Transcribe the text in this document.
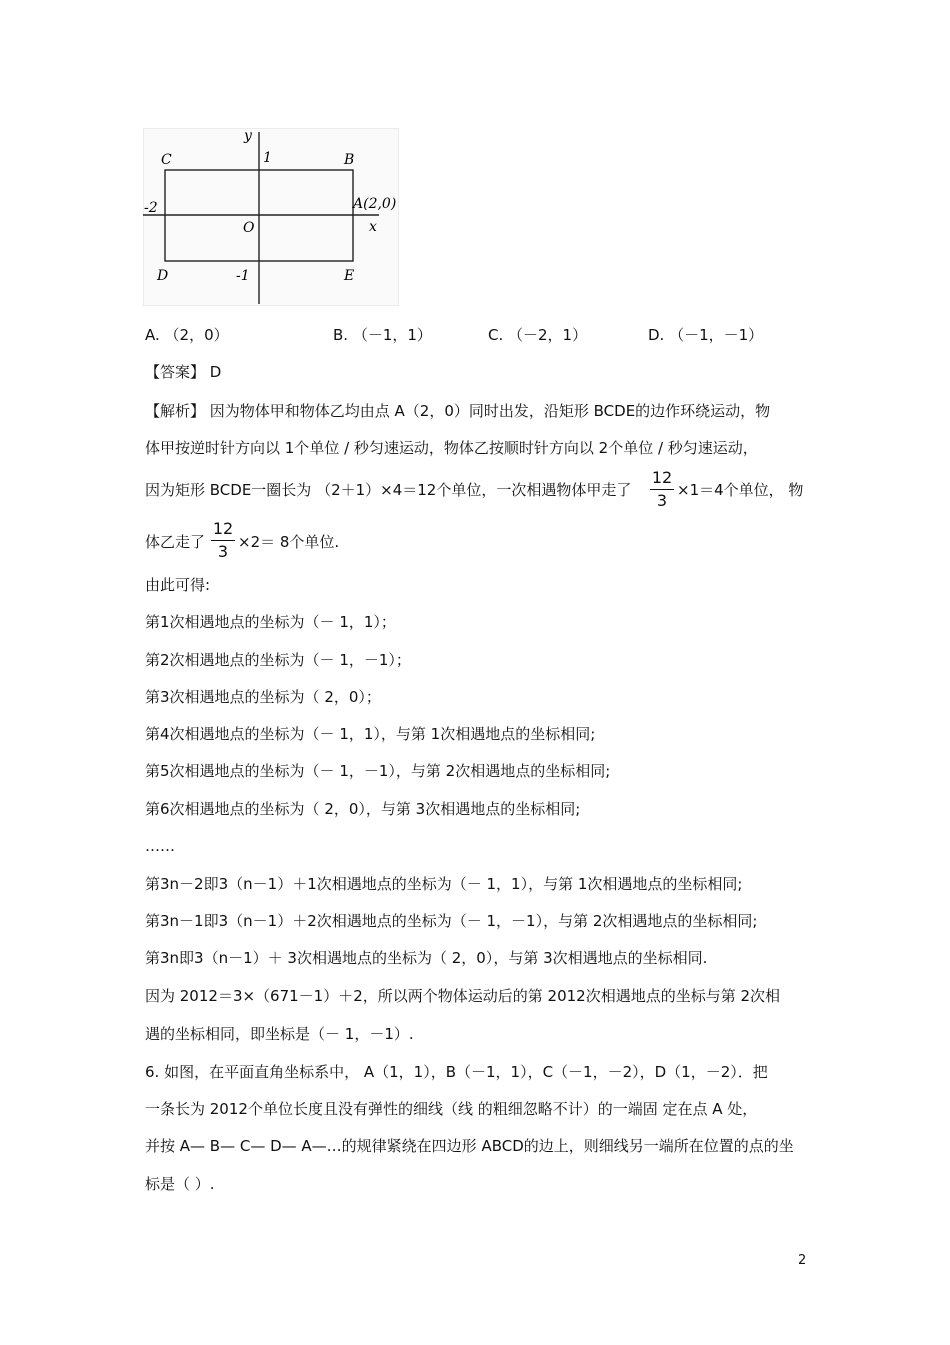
y
x
1
-1
-2
O
C	B
D	E
A(2,0)
A. （2，0）	B. （－1，1）	C. （－2，1）	D. （－1，－1）
【答案】 D
【解析】 因为物体甲和物体乙均由点 A（2，0）同时出发，沿矩形 BCDE的边作环绕运动，物
体甲按逆时针方向以 1个单位 / 秒匀速运动，物体乙按顺时针方向以 2个单位 / 秒匀速运动，
因为矩形 BCDE一圈长为 （2＋1）×4＝12个单位，一次相遇物体甲走了
12
3
×1＝4个单位， 物
体乙走了
12
3 ×2＝ 8个单位.
由此可得:
第1次相遇地点的坐标为（－ 1，1）；
第2次相遇地点的坐标为（－ 1，－1）；
第3次相遇地点的坐标为（ 2，0）；
第4次相遇地点的坐标为（－ 1，1），与第 1次相遇地点的坐标相同;
第5次相遇地点的坐标为（－ 1，－1），与第 2次相遇地点的坐标相同;
第6次相遇地点的坐标为（ 2，0），与第 3次相遇地点的坐标相同;
……
第3n－2即3（n－1）＋1次相遇地点的坐标为（－ 1，1），与第 1次相遇地点的坐标相同;
第3n－1即3（n－1）＋2次相遇地点的坐标为（－ 1，－1），与第 2次相遇地点的坐标相同;
第3n即3（n－1）＋ 3次相遇地点的坐标为（ 2，0），与第 3次相遇地点的坐标相同.
因为 2012＝3×（671－1）＋2，所以两个物体运动后的第 2012次相遇地点的坐标与第 2次相
遇的坐标相同，即坐标是（－ 1，－1）.
6. 如图，在平面直角坐标系中， A（1，1），B（－1，1），C（－1，－2），D（1，－2）．把
一条长为 2012个单位长度且没有弹性的细线（线 的粗细忽略不计）的一端固 定在点 A 处，
并按 A— B— C— D— A—…的规律紧绕在四边形 ABCD的边上，则细线另一端所在位置的点的坐
标是（ ）.
2
